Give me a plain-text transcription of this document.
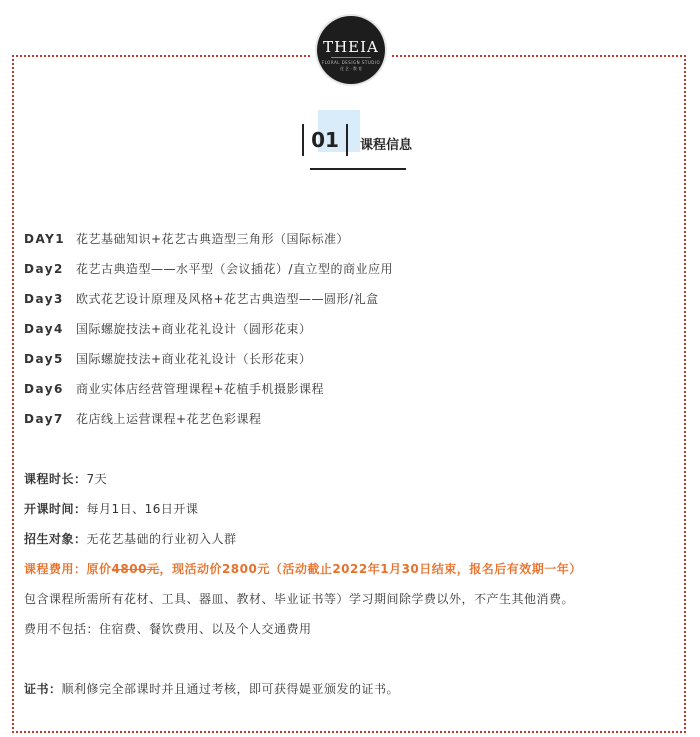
THEIA
FLORAL DESIGN STUDIO
花 艺 · 教 育
01	课程信息
DAY1 花艺基础知识+花艺古典造型三角形（国际标准）
Day2 花艺古典造型——水平型（会议插花）/直立型的商业应用
Day3 欧式花艺设计原理及风格+花艺古典造型——圆形/礼盒
Day4 国际螺旋技法+商业花礼设计（圆形花束）
Day5 国际螺旋技法+商业花礼设计（长形花束）
Day6 商业实体店经营管理课程+花植手机摄影课程
Day7 花店线上运营课程+花艺色彩课程
课程时长：7天
开课时间：每月1日、16日开课
招生对象：无花艺基础的行业初入人群
课程费用：原价4800元，现活动价2800元（活动截止2022年1月30日结束，报名后有效期一年）
包含课程所需所有花材、工具、器皿、教材、毕业证书等）学习期间除学费以外，不产生其他消费。
费用不包括：住宿费、餐饮费用、以及个人交通费用
证书：顺利修完全部课时并且通过考核，即可获得媞亚颁发的证书。
